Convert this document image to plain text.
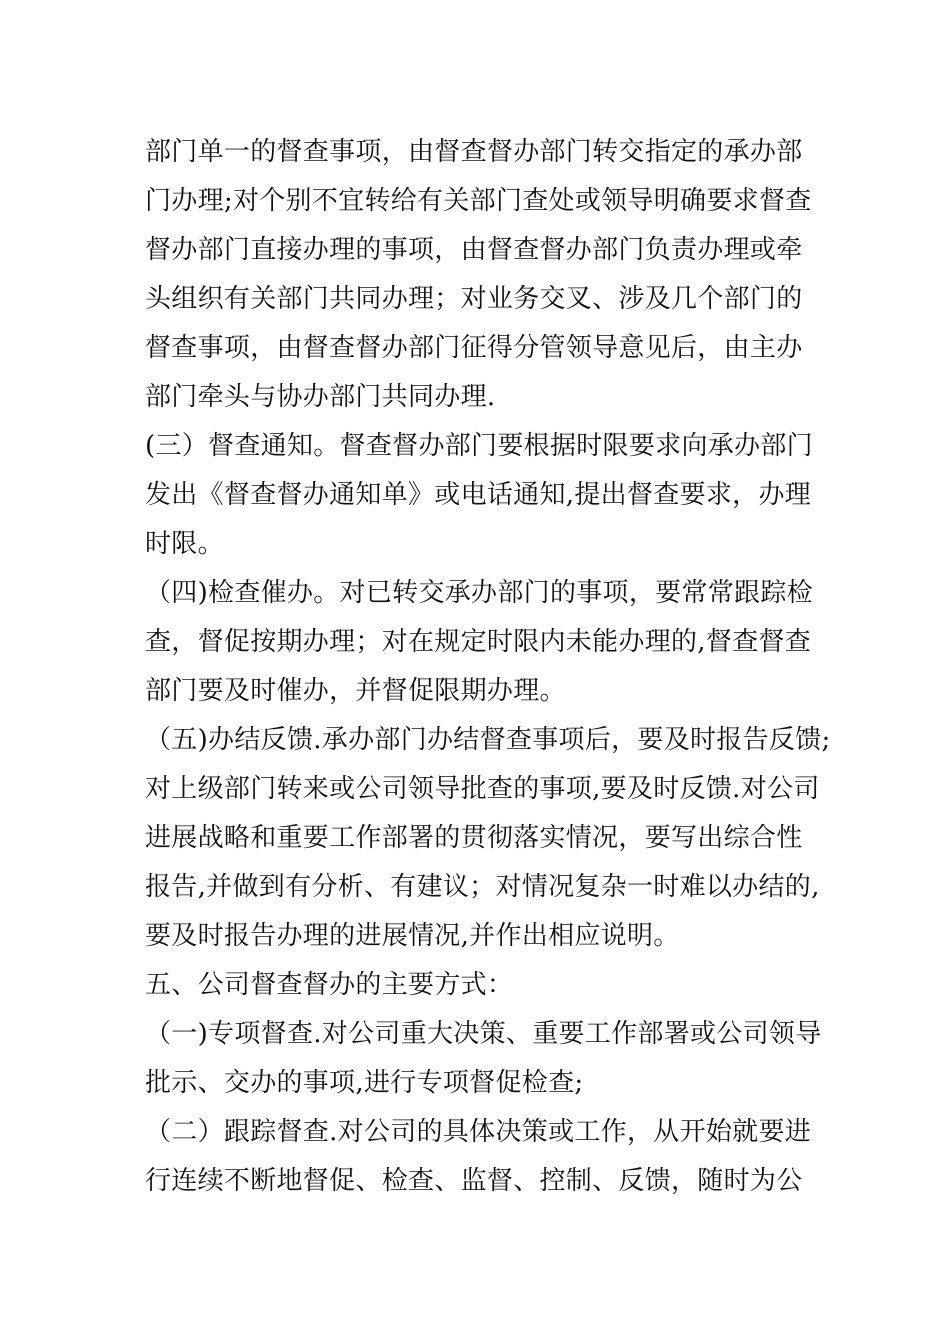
部门单一的督查事项，由督查督办部门转交指定的承办部
门办理;对个别不宜转给有关部门查处或领导明确要求督查
督办部门直接办理的事项，由督查督办部门负责办理或牵
头组织有关部门共同办理；对业务交叉、涉及几个部门的
督查事项，由督查督办部门征得分管领导意见后，由主办
部门牵头与协办部门共同办理.
(三）督查通知。督查督办部门要根据时限要求向承办部门
发出《督查督办通知单》或电话通知,提出督查要求，办理
时限。
（四)检查催办。对已转交承办部门的事项，要常常跟踪检
查，督促按期办理；对在规定时限内未能办理的,督查督查
部门要及时催办，并督促限期办理。
（五)办结反馈.承办部门办结督查事项后，要及时报告反馈;
对上级部门转来或公司领导批查的事项,要及时反馈.对公司
进展战略和重要工作部署的贯彻落实情况，要写出综合性
报告,并做到有分析、有建议；对情况复杂一时难以办结的,
要及时报告办理的进展情况,并作出相应说明。
五、公司督查督办的主要方式：
（一)专项督查.对公司重大决策、重要工作部署或公司领导
批示、交办的事项,进行专项督促检查;
（二）跟踪督查.对公司的具体决策或工作，从开始就要进
行连续不断地督促、检查、监督、控制、反馈，随时为公
